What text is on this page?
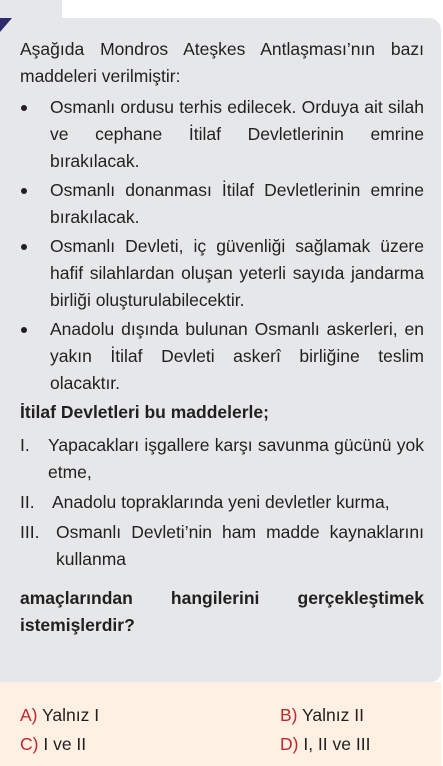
Aşağıda Mondros Ateşkes Antlaşması’nın bazı maddeleri verilmiştir:

Osmanlı ordusu terhis edilecek. Orduya ait silah ve cephane İtilaf Devletlerinin emrine bırakılacak.
Osmanlı donanması İtilaf Devletlerinin emrine bırakılacak.
Osmanlı Devleti, iç güvenliği sağlamak üzere hafif silahlardan oluşan yeterli sayıda jandarma birliği oluşturulabilecektir.
Anadolu dışında bulunan Osmanlı askerleri, en yakın İtilaf Devleti askerî birliğine teslim olacaktır.

İtilaf Devletleri bu maddelerle;

I. Yapacakları işgallere karşı savunma gücünü yok etme,
II. Anadolu topraklarında yeni devletler kurma,
III. Osmanlı Devleti’nin ham madde kaynaklarını kullanma

amaçlarından hangilerini gerçekleştimek istemişlerdir?

A) Yalnız I	B) Yalnız II
C) I ve II	D) I, II ve III
